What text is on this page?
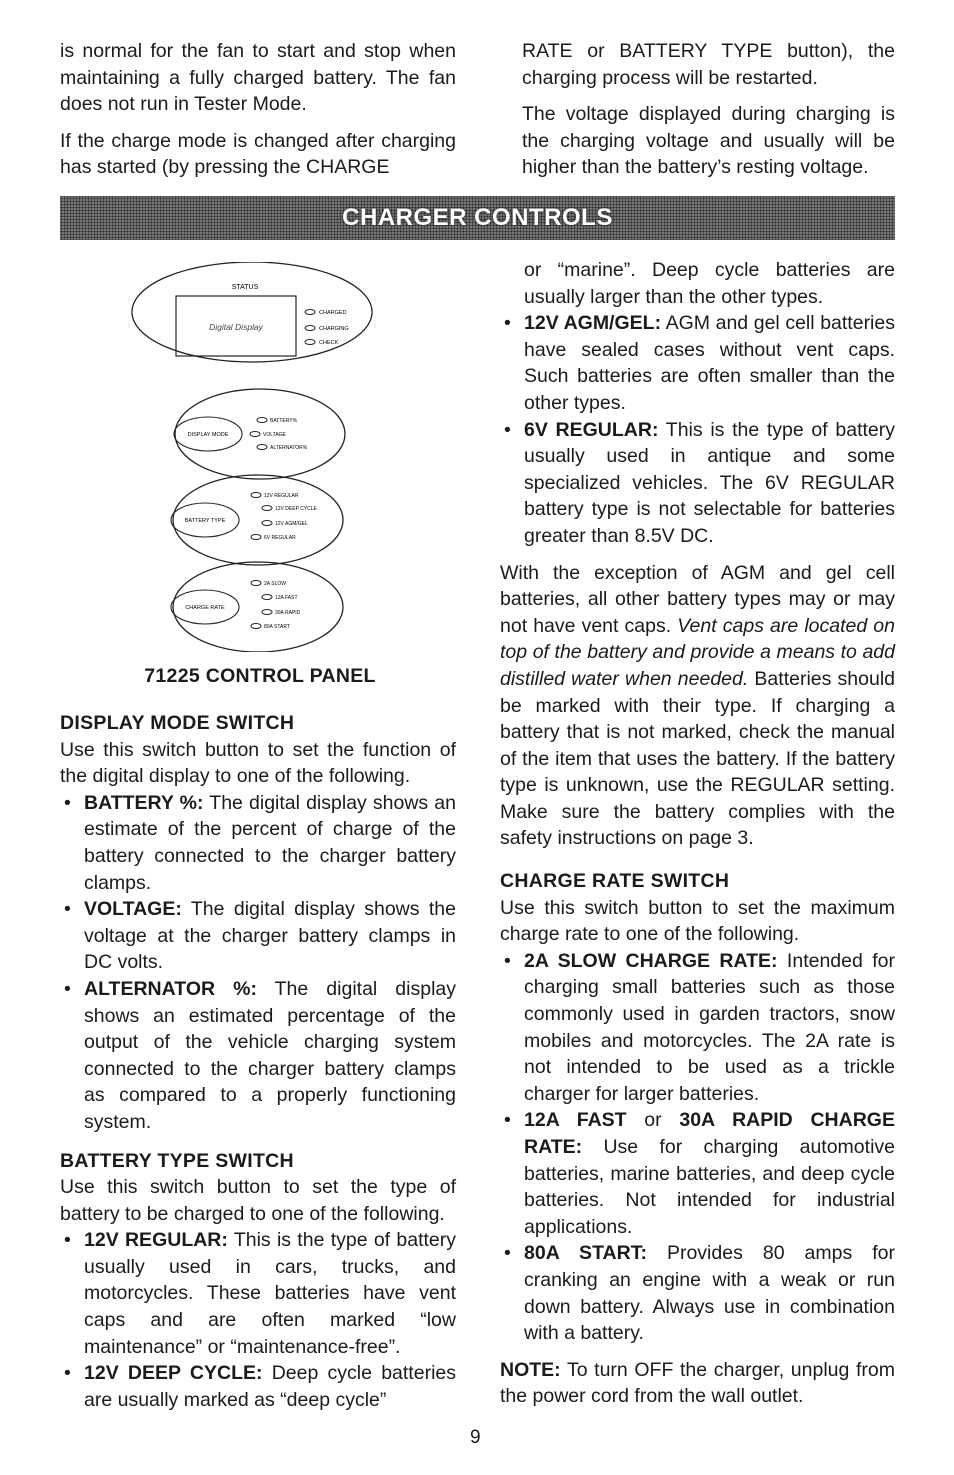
is normal for the fan to start and stop when maintaining a fully charged battery. The fan does not run in Tester Mode.

If the charge mode is changed after charging has started (by pressing the CHARGE

RATE or BATTERY TYPE button), the charging process will be restarted.

The voltage displayed during charging is the charging voltage and usually will be higher than the battery’s resting voltage.

CHARGER CONTROLS
STATUS
Digital Display
CHARGED
CHARGING
CHECK
DISPLAY MODE
BATTERY%
VOLTAGE
ALTERNATOR%
BATTERY TYPE
12V REGULAR
12V DEEP CYCLE
12V AGM/GEL
6V REGULAR
CHARGE RATE
2A SLOW
12A FAST
30A RAPID
80A START
71225 CONTROL PANEL

DISPLAY MODE SWITCH

Use this switch button to set the function of the digital display to one of the following.

• BATTERY %: The digital display shows an estimate of the percent of charge of the battery connected to the charger battery clamps.
• VOLTAGE: The digital display shows the voltage at the charger battery clamps in DC volts.
• ALTERNATOR %: The digital display shows an estimated percentage of the output of the vehicle charging system connected to the charger battery clamps as compared to a properly functioning system.

BATTERY TYPE SWITCH

Use this switch button to set the type of battery to be charged to one of the following.

• 12V REGULAR: This is the type of battery usually used in cars, trucks, and motorcycles. These batteries have vent caps and are often marked “low maintenance” or “maintenance-free”.
• 12V DEEP CYCLE: Deep cycle batteries are usually marked as “deep cycle”

or “marine”. Deep cycle batteries are usually larger than the other types.

• 12V AGM/GEL: AGM and gel cell batteries have sealed cases without vent caps. Such batteries are often smaller than the other types.
• 6V REGULAR: This is the type of battery usually used in antique and some specialized vehicles. The 6V REGULAR battery type is not selectable for batteries greater than 8.5V DC.

With the exception of AGM and gel cell batteries, all other battery types may or may not have vent caps. Vent caps are located on top of the battery and provide a means to add distilled water when needed. Batteries should be marked with their type. If charging a battery that is not marked, check the manual of the item that uses the battery. If the battery type is unknown, use the REGULAR setting. Make sure the battery complies with the safety instructions on page 3.

CHARGE RATE SWITCH

Use this switch button to set the maximum charge rate to one of the following.

• 2A SLOW CHARGE RATE: Intended for charging small batteries such as those commonly used in garden tractors, snow mobiles and motorcycles. The 2A rate is not intended to be used as a trickle charger for larger batteries.
• 12A FAST or 30A RAPID CHARGE RATE: Use for charging automotive batteries, marine batteries, and deep cycle batteries. Not intended for industrial applications.
• 80A START: Provides 80 amps for cranking an engine with a weak or run down battery. Always use in combination with a battery.

NOTE: To turn OFF the charger, unplug from the power cord from the wall outlet.

9
